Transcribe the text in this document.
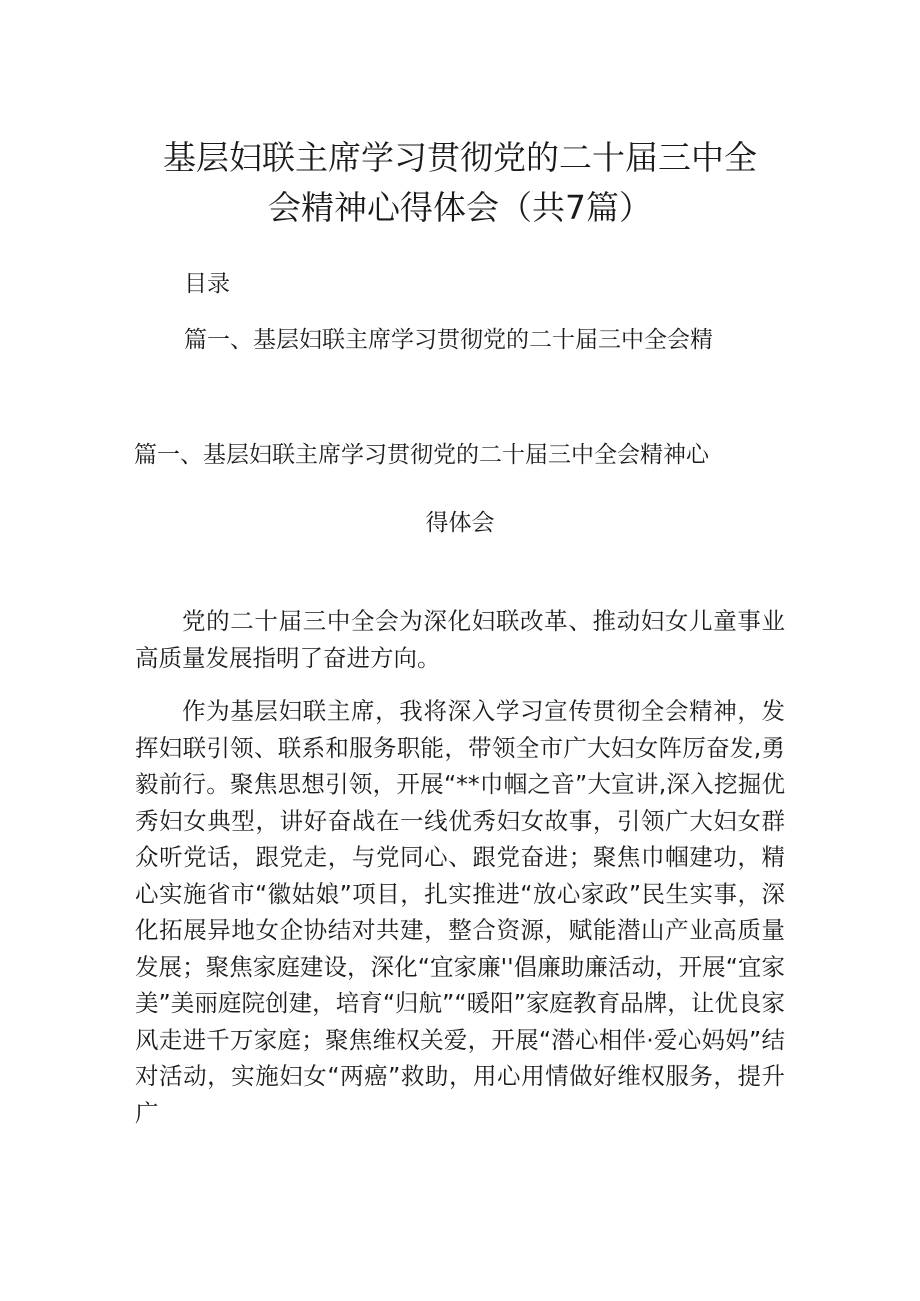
基层妇联主席学习贯彻党的二十届三中全
会精神心得体会（共7篇）
目录
篇一、基层妇联主席学习贯彻党的二十届三中全会精
篇一、基层妇联主席学习贯彻党的二十届三中全会精神心
得体会

党的二十届三中全会为深化妇联改革、推动妇女儿童事业高质量发展指明了奋进方向。

作为基层妇联主席，我将深入学习宣传贯彻全会精神，发挥妇联引领、联系和服务职能，带领全市广大妇女阵厉奋发,勇毅前行。聚焦思想引领，开展“**巾帼之音”大宣讲,深入挖掘优秀妇女典型，讲好奋战在一线优秀妇女故事，引领广大妇女群众听党话，跟党走，与党同心、跟党奋进；聚焦巾帼建功，精心实施省市“徽姑娘”项目，扎实推进“放心家政”民生实事，深化拓展异地女企协结对共建，整合资源，赋能潜山产业高质量发展；聚焦家庭建设，深化“宜家廉''倡廉助廉活动，开展“宜家美”美丽庭院创建，培育“归航”“暖阳”家庭教育品牌，让优良家风走进千万家庭；聚焦维权关爱，开展“潜心相伴·爱心妈妈”结对活动，实施妇女“两癌”救助，用心用情做好维权服务，提升广
